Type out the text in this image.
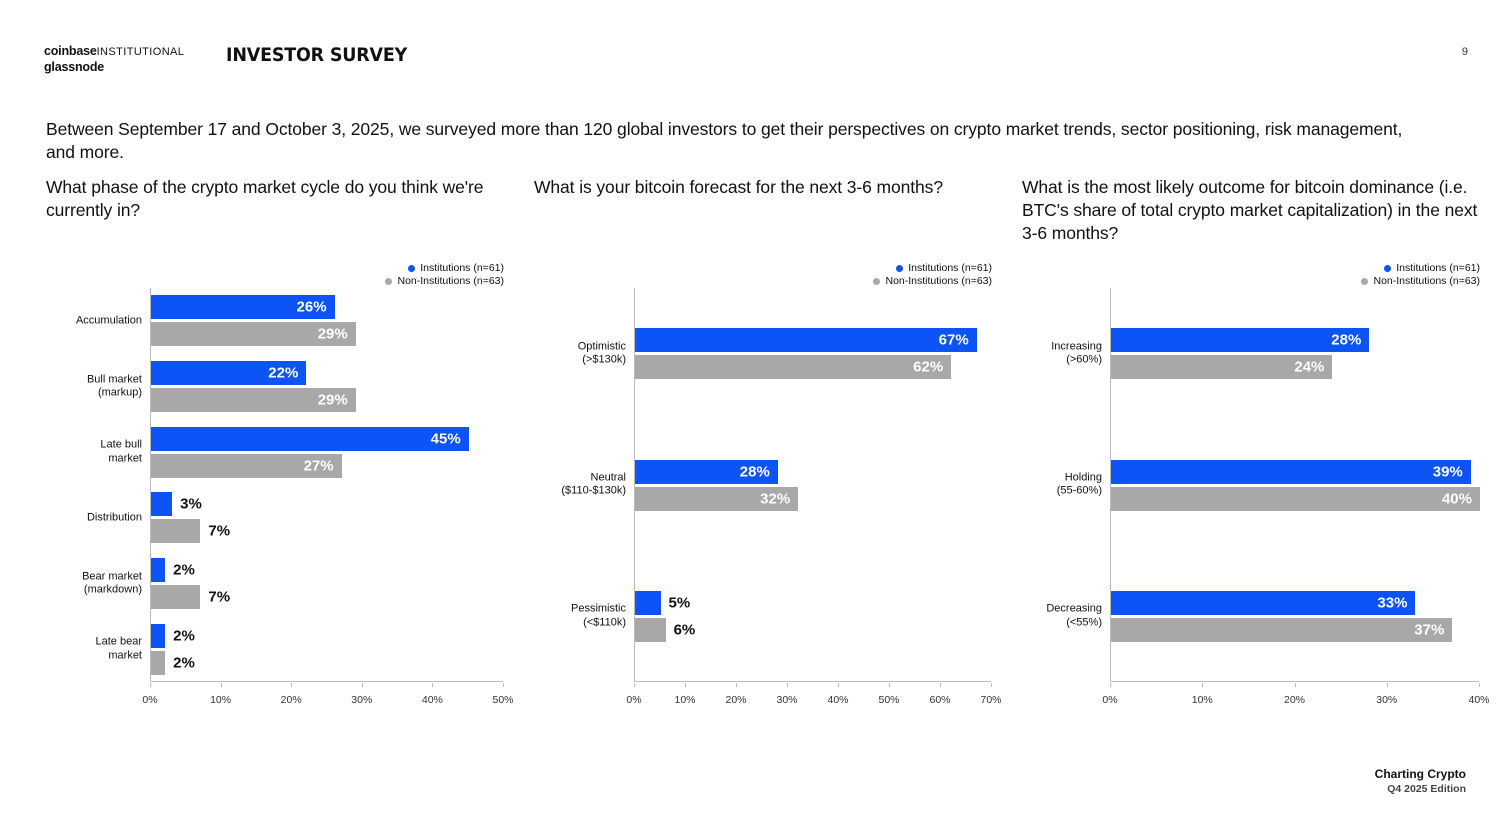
coinbaseINSTITUTIONAL
glassnode
INVESTOR SURVEY	9
Between September 17 and October 3, 2025, we surveyed more than 120 global investors to get their perspectives on crypto market trends, sector positioning, risk management, and more.
What phase of the crypto market cycle do you think we're currently in?
Institutions (n=61)
Non-Institutions (n=63)
Accumulation
26%
29%
Bull market
(markup)
22%
29%
Late bull
market
45%
27%
Distribution
3%
7%
Bear market
(markdown)
2%
7%
Late bear
market
2%
2%
0%	10%	20%	30%	40%	50%
What is your bitcoin forecast for the next 3-6 months?
Institutions (n=61)
Non-Institutions (n=63)
Optimistic
(>$130k)
67%
62%
Neutral
($110-$130k)
28%
32%
Pessimistic
(<$110k)
5%
6%
0%	10%	20%	30%	40%	50%	60%	70%
What is the most likely outcome for bitcoin dominance (i.e. BTC's share of total crypto market capitalization) in the next 3-6 months?
Institutions (n=61)
Non-Institutions (n=63)
Increasing
(>60%)
28%
24%
Holding
(55-60%)
39%
40%
Decreasing
(<55%)
33%
37%
0%	10%	20%	30%	40%
Charting Crypto
Q4 2025 Edition
